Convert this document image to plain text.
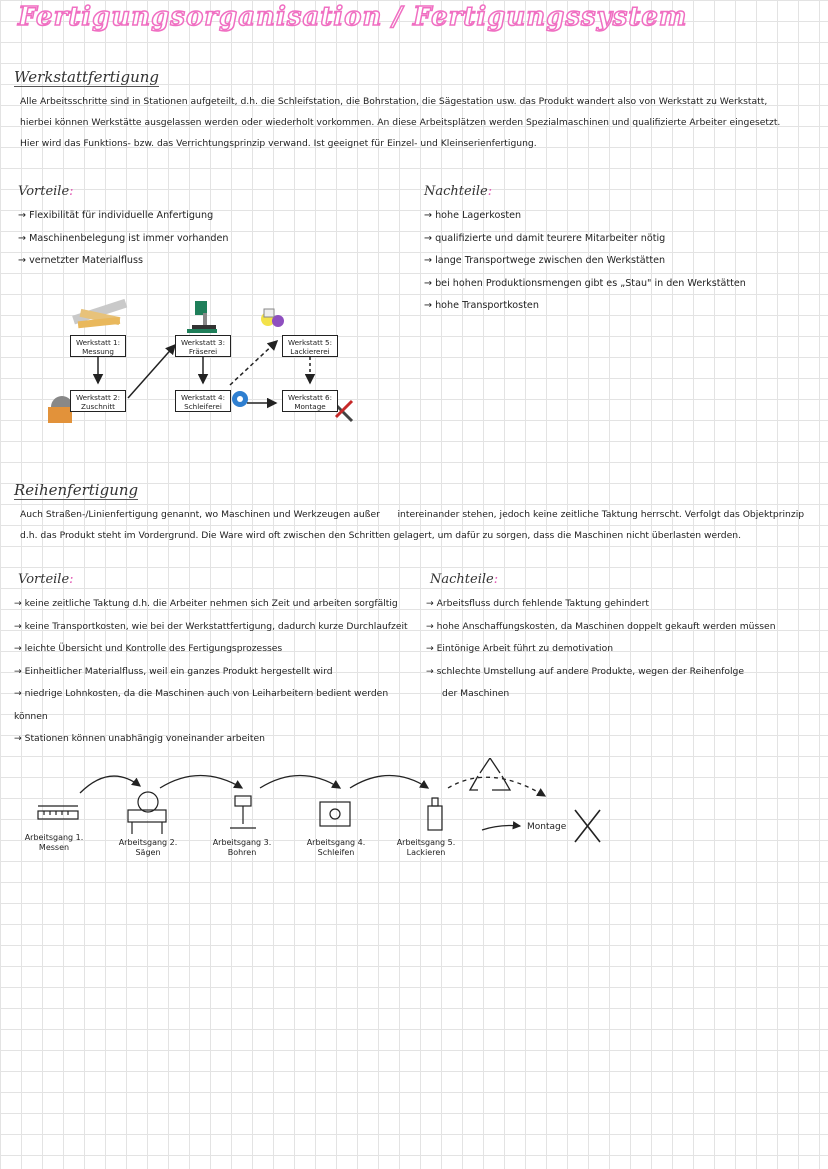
Fertigungsorganisation / Fertigungssystem
Werkstattfertigung
Alle Arbeitsschritte sind in Stationen aufgeteilt, d.h. die Schleifstation, die Bohrstation, die Sägestation usw. das Produkt wandert also von Werkstatt zu Werkstatt,
hierbei können Werkstätte ausgelassen werden oder wiederholt vorkommen. An diese Arbeitsplätzen werden Spezialmaschinen und qualifizierte Arbeiter eingesetzt.
Hier wird das Funktions- bzw. das Verrichtungsprinzip verwand. Ist geeignet für Einzel- und Kleinserienfertigung.
Vorteile:
→ Flexibilität für individuelle Anfertigung
→ Maschinenbelegung ist immer vorhanden
→ vernetzter Materialfluss
Nachteile:
→ hohe Lagerkosten
→ qualifizierte und damit teurere Mitarbeiter nötig
→ lange Transportwege zwischen den Werkstätten
→ bei hohen Produktionsmengen gibt es „Stau" in den Werkstätten
→ hohe Transportkosten
Werkstatt 1:
Messung
Werkstatt 2:
Zuschnitt
Werkstatt 3:
Fräserei
Werkstatt 4:
Schleiferei
Werkstatt 5:
Lackiererei
Werkstatt 6:
Montage
Reihenfertigung
Auch Straßen-/Linienfertigung genannt, wo Maschinen und Werkzeugen außer      intereinander stehen, jedoch keine zeitliche Taktung herrscht. Verfolgt das Objektprinzip
d.h. das Produkt steht im Vordergrund. Die Ware wird oft zwischen den Schritten gelagert, um dafür zu sorgen, dass die Maschinen nicht überlasten werden.
Vorteile:
→ keine zeitliche Taktung d.h. die Arbeiter nehmen sich Zeit und arbeiten sorgfältig
→ keine Transportkosten, wie bei der Werkstattfertigung, dadurch kurze Durchlaufzeit
→ leichte Übersicht und Kontrolle des Fertigungsprozesses
→ Einheitlicher Materialfluss, weil ein ganzes Produkt hergestellt wird
→ niedrige Lohnkosten, da die Maschinen auch von Leiharbeitern bedient werden können
→ Stationen können unabhängig voneinander arbeiten
Nachteile:
→ Arbeitsfluss durch fehlende Taktung gehindert
→ hohe Anschaffungskosten, da Maschinen doppelt gekauft werden müssen
→ Eintönige Arbeit führt zu demotivation
→ schlechte Umstellung auf andere Produkte, wegen der Reihenfolge
der Maschinen
Arbeitsgang 1.
Messen
Arbeitsgang 2.
Sägen
Arbeitsgang 3.
Bohren
Arbeitsgang 4.
Schleifen
Arbeitsgang 5.
Lackieren
Montage
